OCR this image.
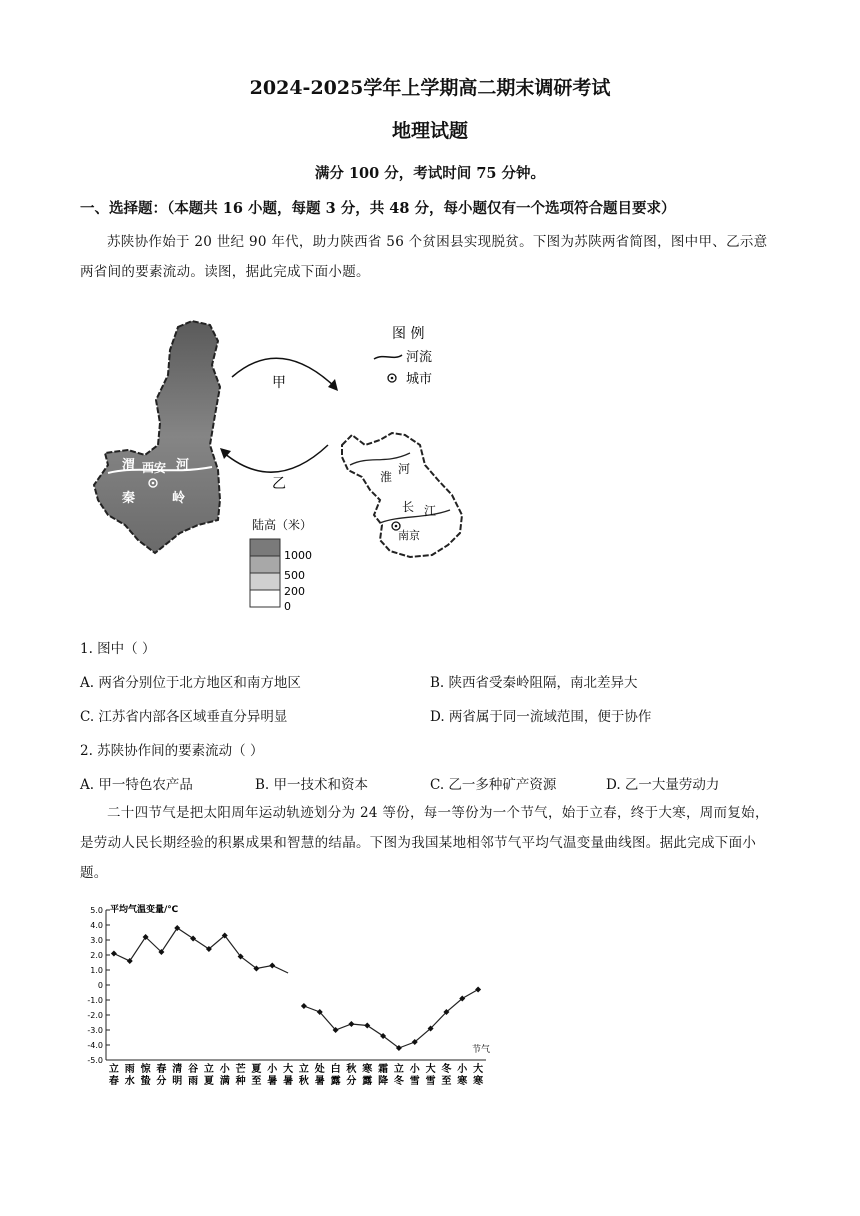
2024-2025学年上学期高二期末调研考试
地理试题
满分 100 分，考试时间 75 分钟。
一、选择题：（本题共 16 小题，每题 3 分，共 48 分，每小题仅有一个选项符合题目要求）
苏陕协作始于 20 世纪 90 年代，助力陕西省 56 个贫困县实现脱贫。下图为苏陕两省简图，图中甲、乙示意两省间的要素流动。读图，据此完成下面小题。
渭 西安 河
秦	岭
甲
乙
图 例
河流
城市
淮
河
长 江
南京
陆高（米）
1000
500
200
0
1. 图中（ ）
A. 两省分别位于北方地区和南方地区	B. 陕西省受秦岭阻隔，南北差异大
C. 江苏省内部各区域垂直分异明显	D. 两省属于同一流域范围，便于协作
2. 苏陕协作间的要素流动（ ）
A. 甲一特色农产品	B. 甲一技术和资本	C. 乙一多种矿产资源	D. 乙一大量劳动力
二十四节气是把太阳周年运动轨迹划分为 24 等份，每一等份为一个节气，始于立春，终于大寒，周而复始，是劳动人民长期经验的积累成果和智慧的结晶。下图为我国某地相邻节气平均气温变量曲线图。据此完成下面小题。
5.0
4.0
3.0
2.0
1.0
0
-1.0
-2.0
-3.0
-4.0
-5.0
平均气温变量/℃
节气
立
春
雨
水
惊
蛰
春
分
清
明
谷
雨
立
夏
小
满
芒
种
夏
至
小
暑
大
暑
立
秋
处
暑
白
露
秋
分
寒
露
霜
降
立
冬
小
雪
大
雪
冬
至
小
寒
大
寒
